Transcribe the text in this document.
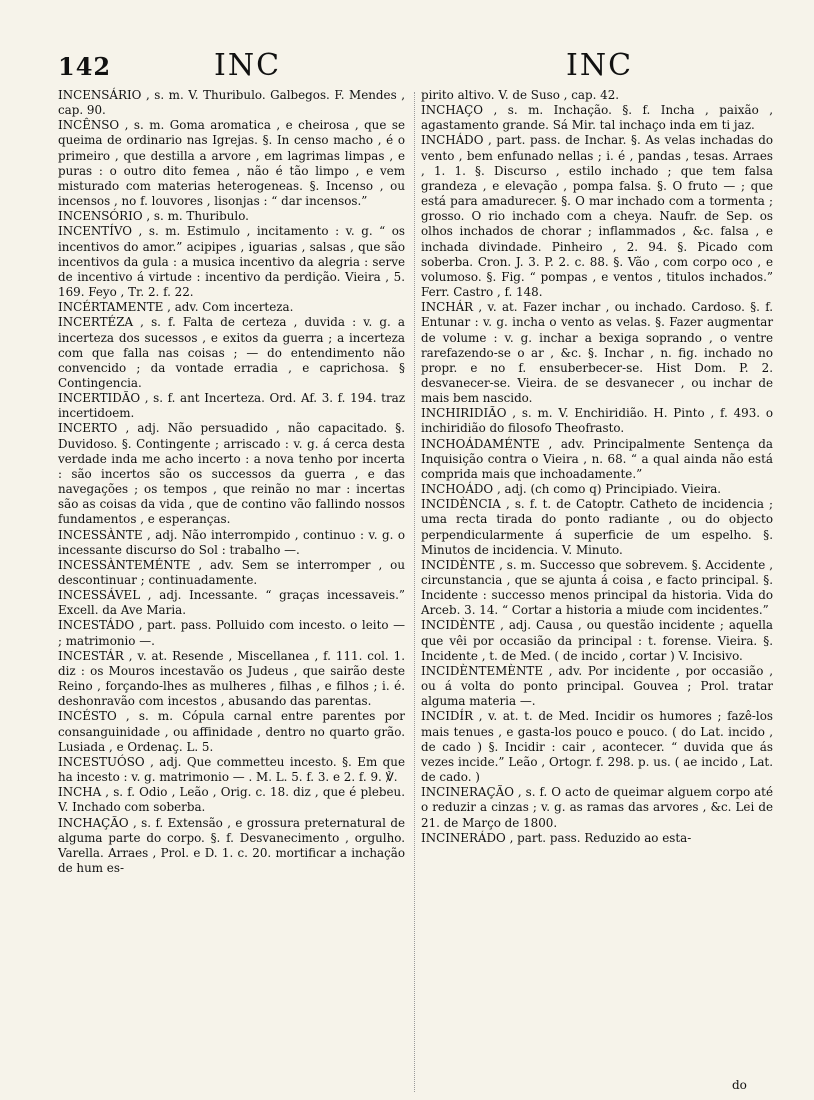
142	INC	INC

INCENSÁRIO , s. m. V. Thuribulo. Galbegos. F. Mendes , cap. 90.

INCÊNSO , s. m. Goma aromatica , e cheirosa , que se queima de ordinario nas Igrejas. §. In censo macho , é o primeiro , que destilla a arvore , em lagrimas limpas , e puras : o outro dito femea , não é tão limpo , e vem misturado com materias heterogeneas. §. Incenso , ou incensos , no f. louvores , lisonjas : “ dar incensos.”

INCENSÓRIO , s. m. Thuribulo.

INCENTÍVO , s. m. Estimulo , incitamento : v. g. “ os incentivos do amor.” acipipes , iguarias , salsas , que são incentivos da gula : a musica incentivo da alegria : serve de incentivo á virtude : incentivo da perdição. Vieira , 5. 169. Feyo , Tr. 2. f. 22.

INCÉRTAMENTE , adv. Com incerteza.

INCERTÉZA , s. f. Falta de certeza , duvida : v. g. a incerteza dos sucessos , e exitos da guerra ; a incerteza com que falla nas coisas ; — do entendimento não convencido ; da vontade erradia , e caprichosa. § Contingencia.

INCERTIDÃO , s. f. ant Incerteza. Ord. Af. 3. f. 194. traz incertidoem.

INCERTO , adj. Não persuadido , não capacitado. §. Duvidoso. §. Contingente ; arriscado : v. g. á cerca desta verdade inda me acho incerto : a nova tenho por incerta : são incertos são os successos da guerra , e das navegações ; os tempos , que reinão no mar : incertas são as coisas da vida , que de contino vão fallindo nossos fundamentos , e esperanças.

INCESSÀNTE , adj. Não interrompido , continuo : v. g. o incessante discurso do Sol : trabalho —.

INCESSÀNTEMÉNTE , adv. Sem se interromper , ou descontinuar ; continuadamente.

INCESSÁVEL , adj. Incessante. “ graças incessaveis.” Excell. da Ave Maria.

INCESTÁDO , part. pass. Polluido com incesto. o leito — ; matrimonio —.

INCESTÁR , v. at. Resende , Miscellanea , f. 111. col. 1. diz : os Mouros incestavão os Judeus , que sairão deste Reino , forçando-lhes as mulheres , filhas , e filhos ; i. é. deshonravão com incestos , abusando das parentas.

INCÉSTO , s. m. Cópula carnal entre parentes por consanguinidade , ou affinidade , dentro no quarto grão. Lusiada , e Ordenaç. L. 5.

INCESTUÓSO , adj. Que commetteu incesto. §. Em que ha incesto : v. g. matrimonio — . M. L. 5. f. 3. e 2. f. 9. ℣.

INCHA , s. f. Odio , Leão , Orig. c. 18. diz , que é plebeu. V. Inchado com soberba.

INCHAÇÃO , s. f. Extensão , e grossura preternatural de alguma parte do corpo. §. f. Desvanecimento , orgulho. Varella. Arraes , Prol. e D. 1. c. 20. mortificar a inchação de hum es-

pirito altivo. V. de Suso , cap. 42.

INCHAÇO , s. m. Inchação. §. f. Incha , paixão , agastamento grande. Sá Mir. tal inchaço inda em ti jaz.

INCHÁDO , part. pass. de Inchar. §. As velas inchadas do vento , bem enfunado nellas ; i. é , pandas , tesas. Arraes , 1. 1. §. Discurso , estilo inchado ; que tem falsa grandeza , e elevação , pompa falsa. §. O fruto — ; que está para amadurecer. §. O mar inchado com a tormenta ; grosso. O rio inchado com a cheya. Naufr. de Sep. os olhos inchados de chorar ; inflammados , &c. falsa , e inchada divindade. Pinheiro , 2. 94. §. Picado com soberba. Cron. J. 3. P. 2. c. 88. §. Vão , com corpo oco , e volumoso. §. Fig. “ pompas , e ventos , titulos inchados.” Ferr. Castro , f. 148.

INCHÁR , v. at. Fazer inchar , ou inchado. Cardoso. §. f. Entunar : v. g. incha o vento as velas. §. Fazer augmentar de volume : v. g. inchar a bexiga soprando , o ventre rarefazendo-se o ar , &c. §. Inchar , n. fig. inchado no propr. e no f. ensuberbecer-se. Hist Dom. P. 2. desvanecer-se. Vieira. de se desvanecer , ou inchar de mais bem nascido.

INCHIRIDIÃO , s. m. V. Enchiridião. H. Pinto , f. 493. o inchiridião do filosofo Theofrasto.

INCHOÁDAMÉNTE , adv. Principalmente Sentença da Inquisição contra o Vieira , n. 68. “ a qual ainda não está comprida mais que inchoadamente.”

INCHOÁDO , adj. (ch como q) Principiado. Vieira.

INCIDÈNCIA , s. f. t. de Catoptr. Catheto de incidencia ; uma recta tirada do ponto radiante , ou do objecto perpendicularmente á superficie de um espelho. §. Minutos de incidencia. V. Minuto.

INCIDÈNTE , s. m. Successo que sobrevem. §. Accidente , circunstancia , que se ajunta á coisa , e facto principal. §. Incidente : successo menos principal da historia. Vida do Arceb. 3. 14. “ Cortar a historia a miude com incidentes.”

INCIDÈNTE , adj. Causa , ou questão incidente ; aquella que vêi por occasião da principal : t. forense. Vieira. §. Incidente , t. de Med. ( de incido , cortar ) V. Incisivo.

INCIDÈNTEMÈNTE , adv. Por incidente , por occasião , ou á volta do ponto principal. Gouvea ; Prol. tratar alguma materia —.

INCIDÍR , v. at. t. de Med. Incidir os humores ; fazê-los mais tenues , e gasta-los pouco e pouco. ( do Lat. incido , de cado ) §. Incidir : cair , acontecer. “ duvida que ás vezes incide.” Leão , Ortogr. f. 298. p. us. ( ae incido , Lat. de cado. )

INCINERAÇÃO , s. f. O acto de queimar alguem corpo até o reduzir a cinzas ; v. g. as ramas das arvores , &c. Lei de 21. de Março de 1800.

INCINERÁDO , part. pass. Reduzido ao esta-

do
